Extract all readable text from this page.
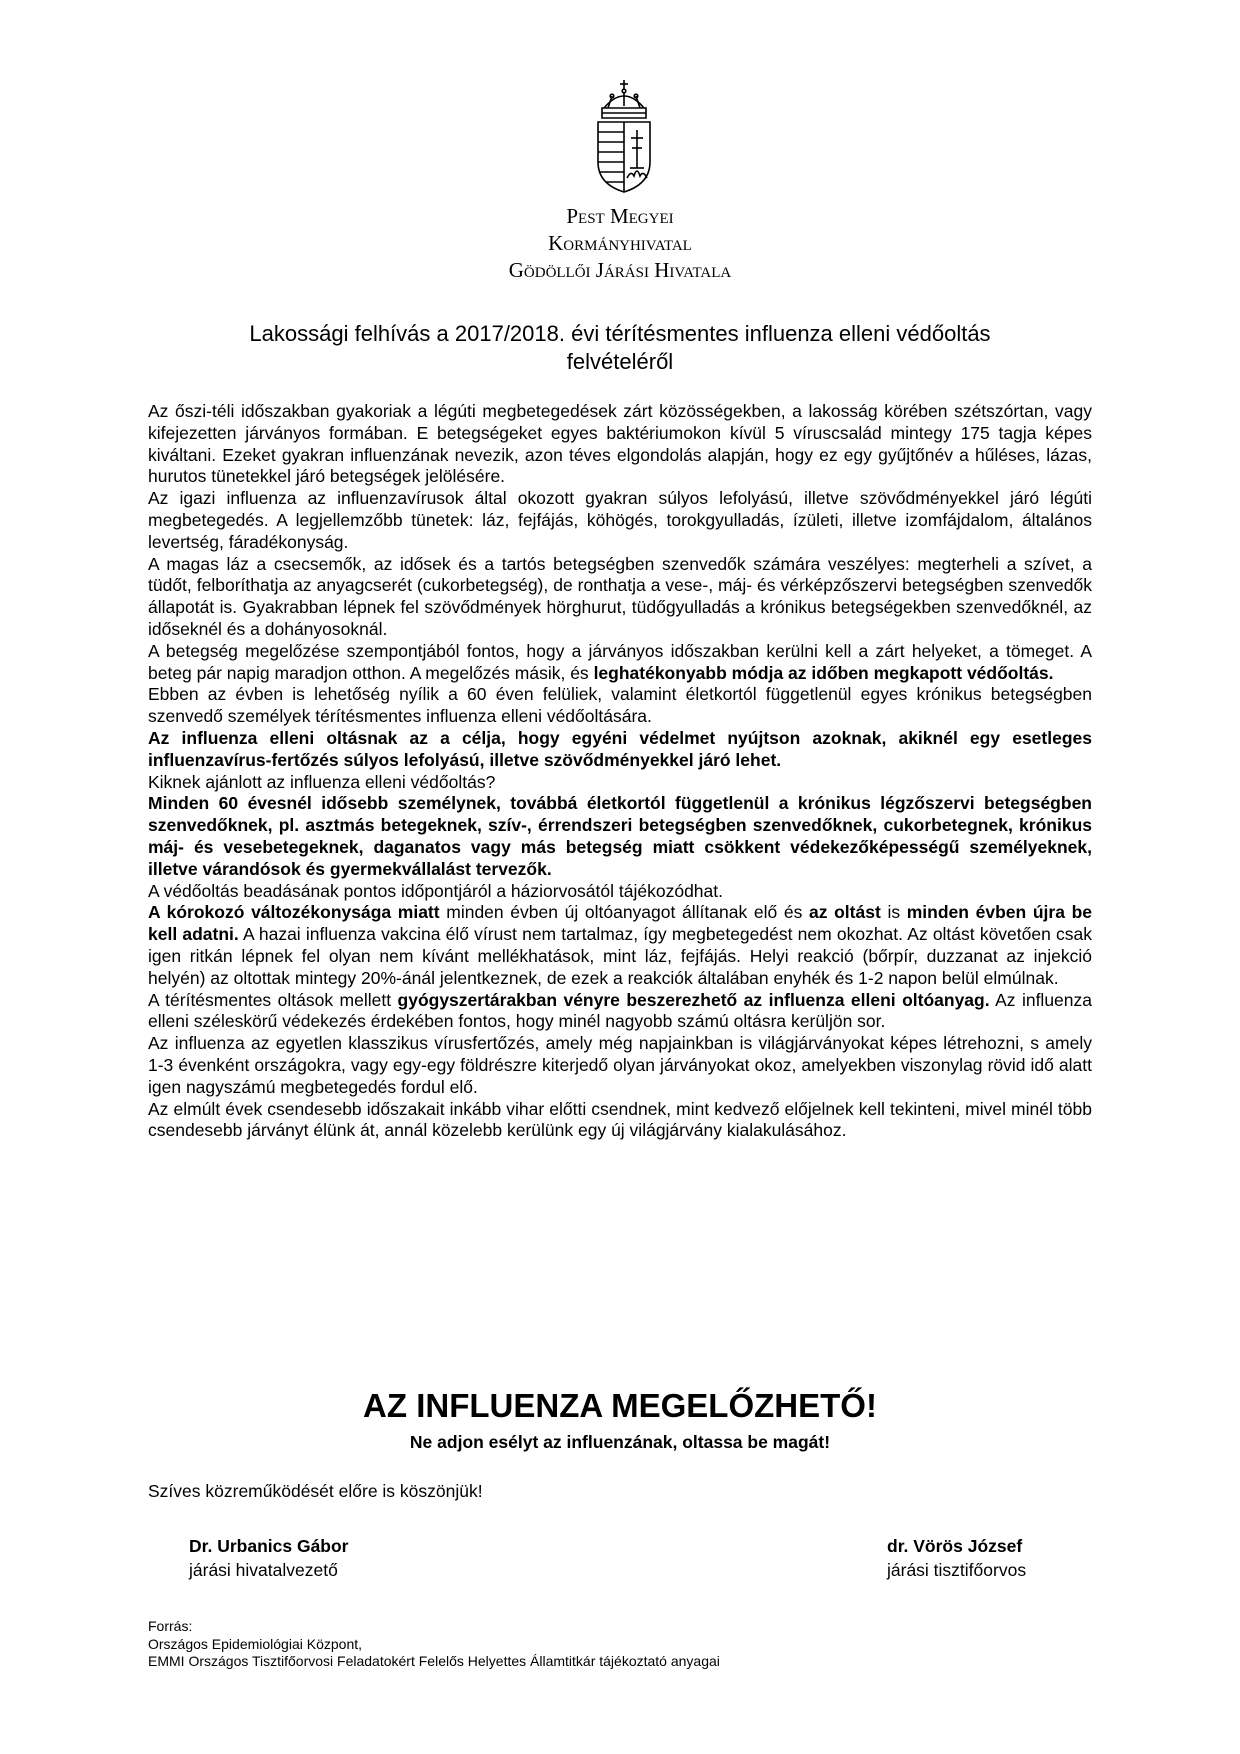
Pest Megyei
Kormányhivatal
Gödöllői Járási Hivatala
Lakossági felhívás a 2017/2018. évi térítésmentes influenza elleni védőoltás
felvételéről

Az őszi-téli időszakban gyakoriak a légúti megbetegedések zárt közösségekben, a lakosság körében szétszórtan, vagy kifejezetten járványos formában. E betegségeket egyes baktériumokon kívül 5 víruscsalád mintegy 175 tagja képes kiváltani. Ezeket gyakran influenzának nevezik, azon téves elgondolás alapján, hogy ez egy gyűjtőnév a hűléses, lázas, hurutos tünetekkel járó betegségek jelölésére.

Az igazi influenza az influenzavírusok által okozott gyakran súlyos lefolyású, illetve szövődményekkel járó légúti megbetegedés. A legjellemzőbb tünetek: láz, fejfájás, köhögés, torokgyulladás, ízületi, illetve izomfájdalom, általános levertség, fáradékonyság.

A magas láz a csecsemők, az idősek és a tartós betegségben szenvedők számára veszélyes: megterheli a szívet, a tüdőt, felboríthatja az anyagcserét (cukorbetegség), de ronthatja a vese-, máj- és vérképzőszervi betegségben szenvedők állapotát is. Gyakrabban lépnek fel szövődmények hörghurut, tüdőgyulladás a krónikus betegségekben szenvedőknél, az időseknél és a dohányosoknál.

A betegség megelőzése szempontjából fontos, hogy a járványos időszakban kerülni kell a zárt helyeket, a tömeget. A beteg pár napig maradjon otthon. A megelőzés másik, és leghatékonyabb módja az időben megkapott védőoltás.

Ebben az évben is lehetőség nyílik a 60 éven felüliek, valamint életkortól függetlenül egyes krónikus betegségben szenvedő személyek térítésmentes influenza elleni védőoltására.

Az influenza elleni oltásnak az a célja, hogy egyéni védelmet nyújtson azoknak, akiknél egy esetleges influenzavírus-fertőzés súlyos lefolyású, illetve szövődményekkel járó lehet.

Kiknek ajánlott az influenza elleni védőoltás?

Minden 60 évesnél idősebb személynek, továbbá életkortól függetlenül a krónikus légzőszervi betegségben szenvedőknek, pl. asztmás betegeknek, szív-, érrendszeri betegségben szenvedőknek, cukorbetegnek, krónikus máj- és vesebetegeknek, daganatos vagy más betegség miatt csökkent védekezőképességű személyeknek, illetve várandósok és gyermekvállalást tervezők.

A védőoltás beadásának pontos időpontjáról a háziorvosától tájékozódhat.

A kórokozó változékonysága miatt minden évben új oltóanyagot állítanak elő és az oltást is minden évben újra be kell adatni. A hazai influenza vakcina élő vírust nem tartalmaz, így megbetegedést nem okozhat. Az oltást követően csak igen ritkán lépnek fel olyan nem kívánt mellékhatások, mint láz, fejfájás. Helyi reakció (bőrpír, duzzanat az injekció helyén) az oltottak mintegy 20%-ánál jelentkeznek, de ezek a reakciók általában enyhék és 1-2 napon belül elmúlnak.

A térítésmentes oltások mellett gyógyszertárakban vényre beszerezhető az influenza elleni oltóanyag. Az influenza elleni széleskörű védekezés érdekében fontos, hogy minél nagyobb számú oltásra kerüljön sor.

Az influenza az egyetlen klasszikus vírusfertőzés, amely még napjainkban is világjárványokat képes létrehozni, s amely 1-3 évenként országokra, vagy egy-egy földrészre kiterjedő olyan járványokat okoz, amelyekben viszonylag rövid idő alatt igen nagyszámú megbetegedés fordul elő.

Az elmúlt évek csendesebb időszakait inkább vihar előtti csendnek, mint kedvező előjelnek kell tekinteni, mivel minél több csendesebb járványt élünk át, annál közelebb kerülünk egy új világjárvány kialakulásához.

AZ INFLUENZA MEGELŐZHETŐ!
Ne adjon esélyt az influenzának, oltassa be magát!
Szíves közreműködését előre is köszönjük!
Dr. Urbanics Gábor
járási hivatalvezető
dr. Vörös József
járási tisztifőorvos
Forrás:
Országos Epidemiológiai Központ,
EMMI Országos Tisztifőorvosi Feladatokért Felelős Helyettes Államtitkár tájékoztató anyagai
